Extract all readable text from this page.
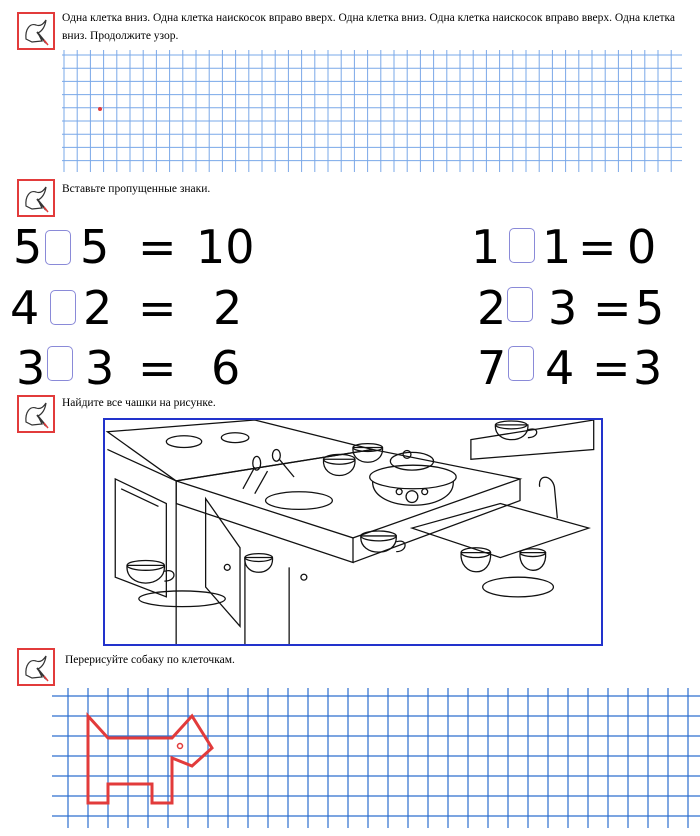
Одна клетка вниз. Одна клетка наискосок вправо вверх. Одна клетка вниз. Одна клетка наискосок вправо вверх. Одна клетка вниз. Продолжите узор.
Вставьте пропущенные знаки.
5 5 = 10
4 2 = 2
3 3 = 6
1 1 = 0
2 3 = 5
7 4 = 3
Найдите все чашки на рисунке.
Перерисуйте собаку по клеточкам.
